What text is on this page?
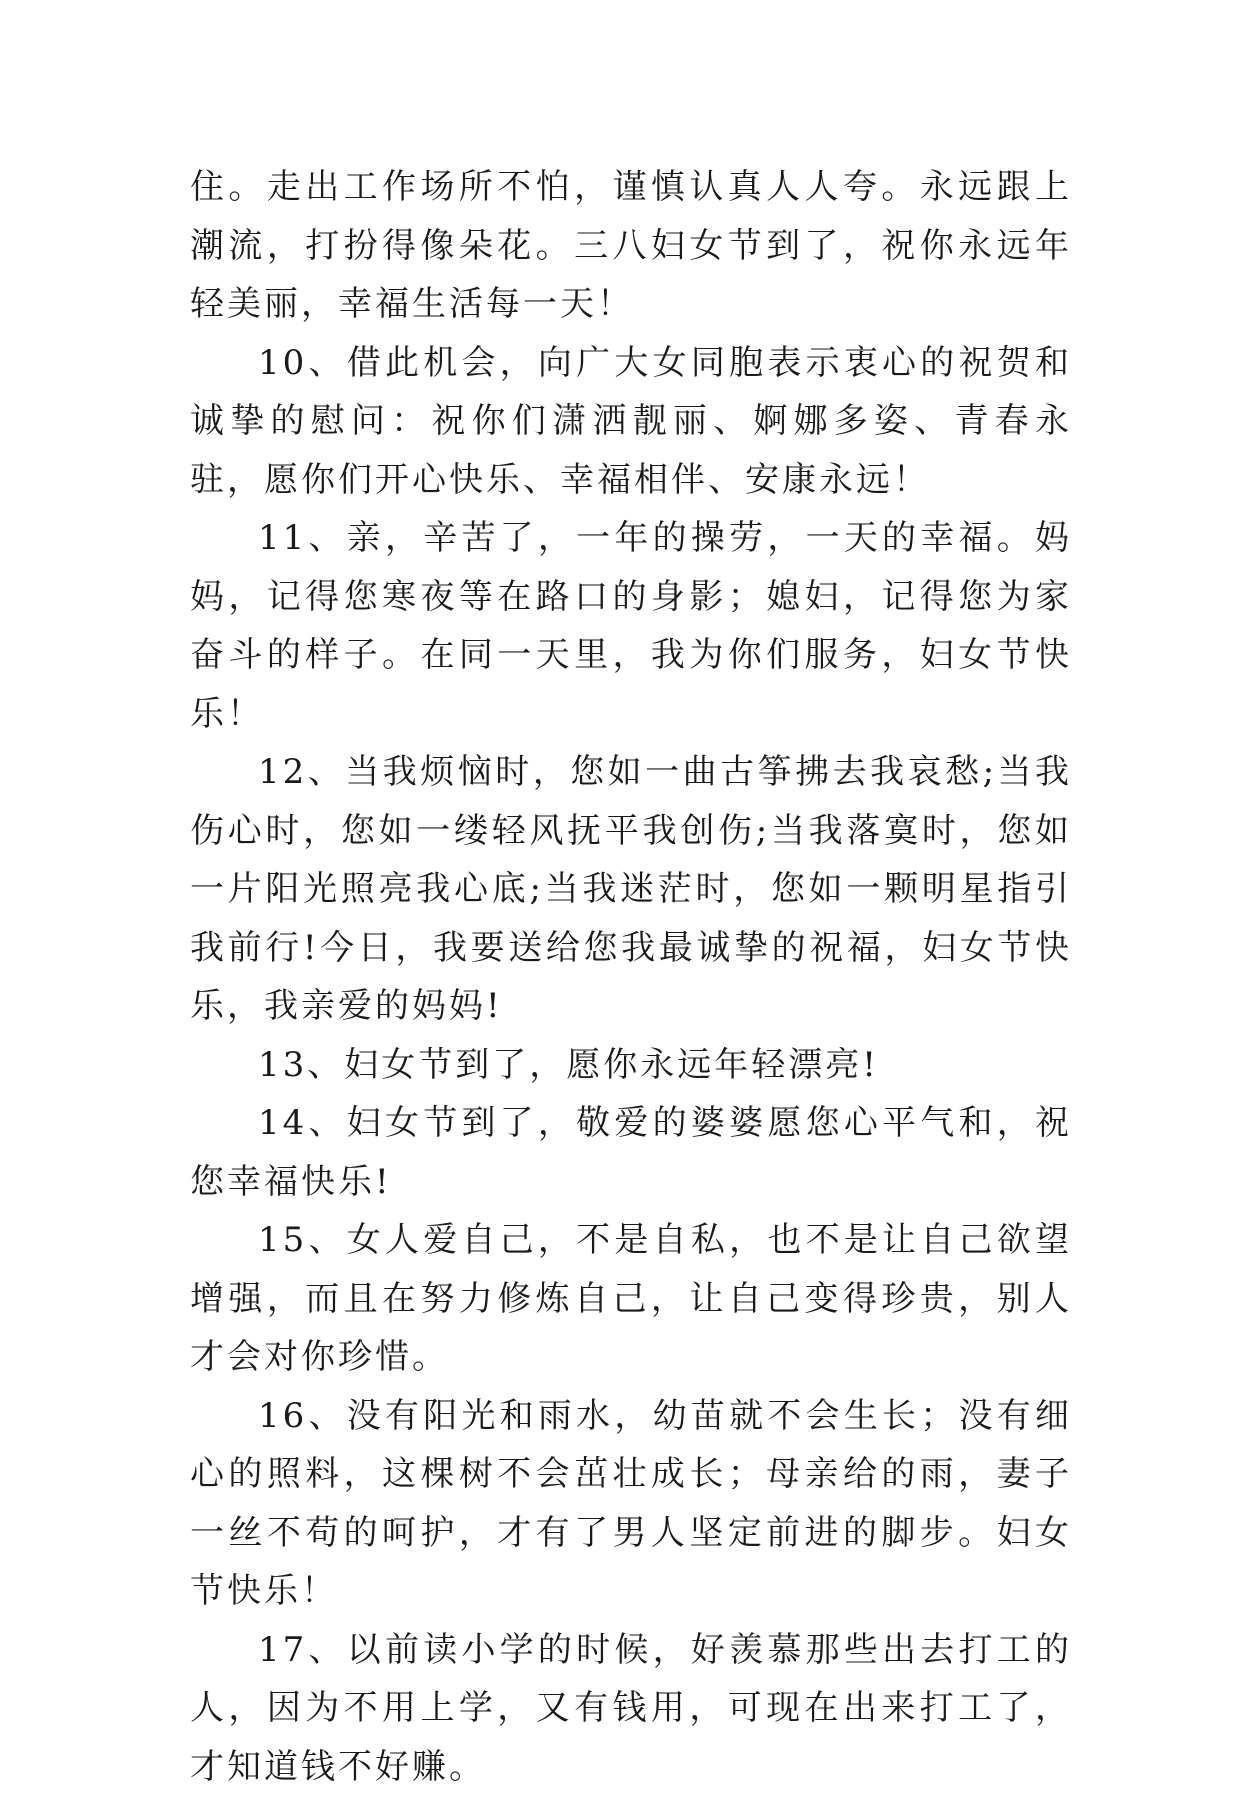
住。走出工作场所不怕，谨慎认真人人夸。永远跟上潮流，打扮得像朵花。三八妇女节到了，祝你永远年轻美丽，幸福生活每一天！

10、借此机会，向广大女同胞表示衷心的祝贺和诚挚的慰问：祝你们潇洒靓丽、婀娜多姿、青春永驻，愿你们开心快乐、幸福相伴、安康永远！

11、亲，辛苦了，一年的操劳，一天的幸福。妈妈，记得您寒夜等在路口的身影；媳妇，记得您为家奋斗的样子。在同一天里，我为你们服务，妇女节快乐！

12、当我烦恼时，您如一曲古筝拂去我哀愁;当我伤心时，您如一缕轻风抚平我创伤;当我落寞时，您如一片阳光照亮我心底;当我迷茫时，您如一颗明星指引我前行!今日，我要送给您我最诚挚的祝福，妇女节快乐，我亲爱的妈妈!

13、妇女节到了，愿你永远年轻漂亮!

14、妇女节到了，敬爱的婆婆愿您心平气和，祝您幸福快乐!

15、女人爱自己，不是自私，也不是让自己欲望增强，而且在努力修炼自己，让自己变得珍贵，别人才会对你珍惜。

16、没有阳光和雨水，幼苗就不会生长；没有细心的照料，这棵树不会茁壮成长；母亲给的雨，妻子一丝不苟的呵护，才有了男人坚定前进的脚步。妇女节快乐！

17、以前读小学的时候，好羡慕那些出去打工的人，因为不用上学，又有钱用，可现在出来打工了，才知道钱不好赚。
